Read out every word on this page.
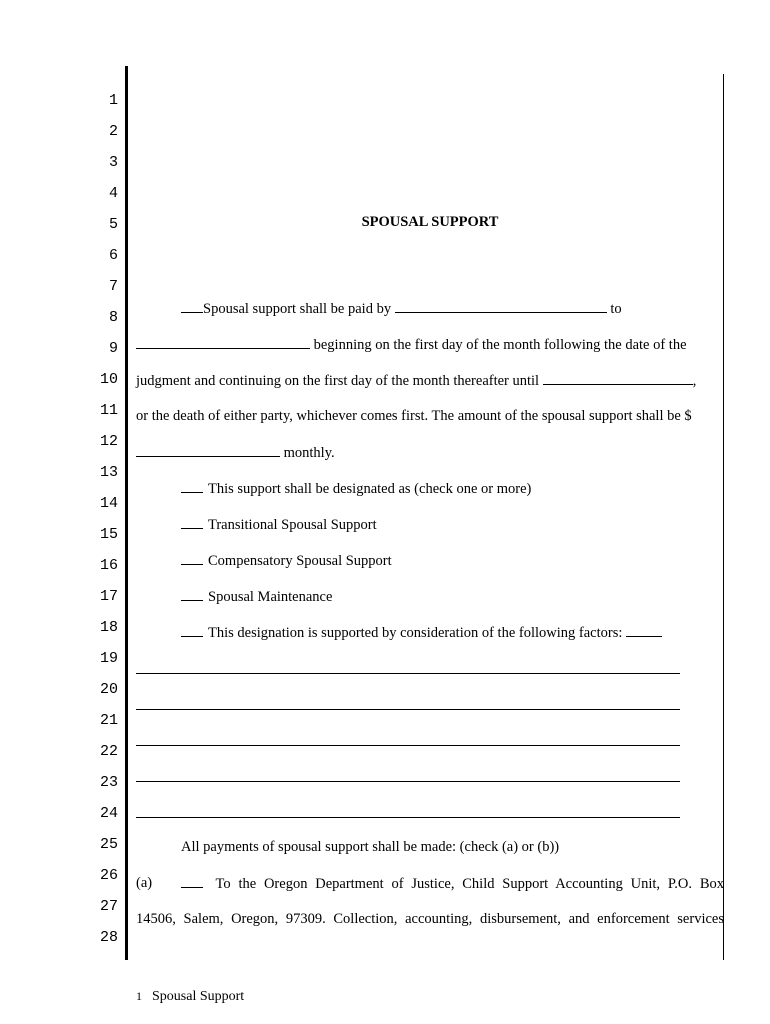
1
2
3
4
5
6
7
8
9
10
11
12
13
14
15
16
17
18
19
20
21
22
23
24
25
26
27
28
SPOUSAL SUPPORT
Spousal support shall be paid by	to
beginning on the first day of the month following the date of the
judgment and continuing on the first day of the month thereafter until	,
or the death of either party, whichever comes first. The amount of the spousal support shall be $
monthly.
This support shall be designated as (check one or more)
Transitional Spousal Support
Compensatory Spousal Support
Spousal Maintenance
This designation is supported by consideration of the following factors:
All payments of spousal support shall be made: (check (a) or (b))
(a)	To the Oregon Department of Justice, Child Support Accounting Unit, P.O. Box
14506, Salem, Oregon, 97309. Collection, accounting, disbursement, and enforcement services
1 Spousal Support
